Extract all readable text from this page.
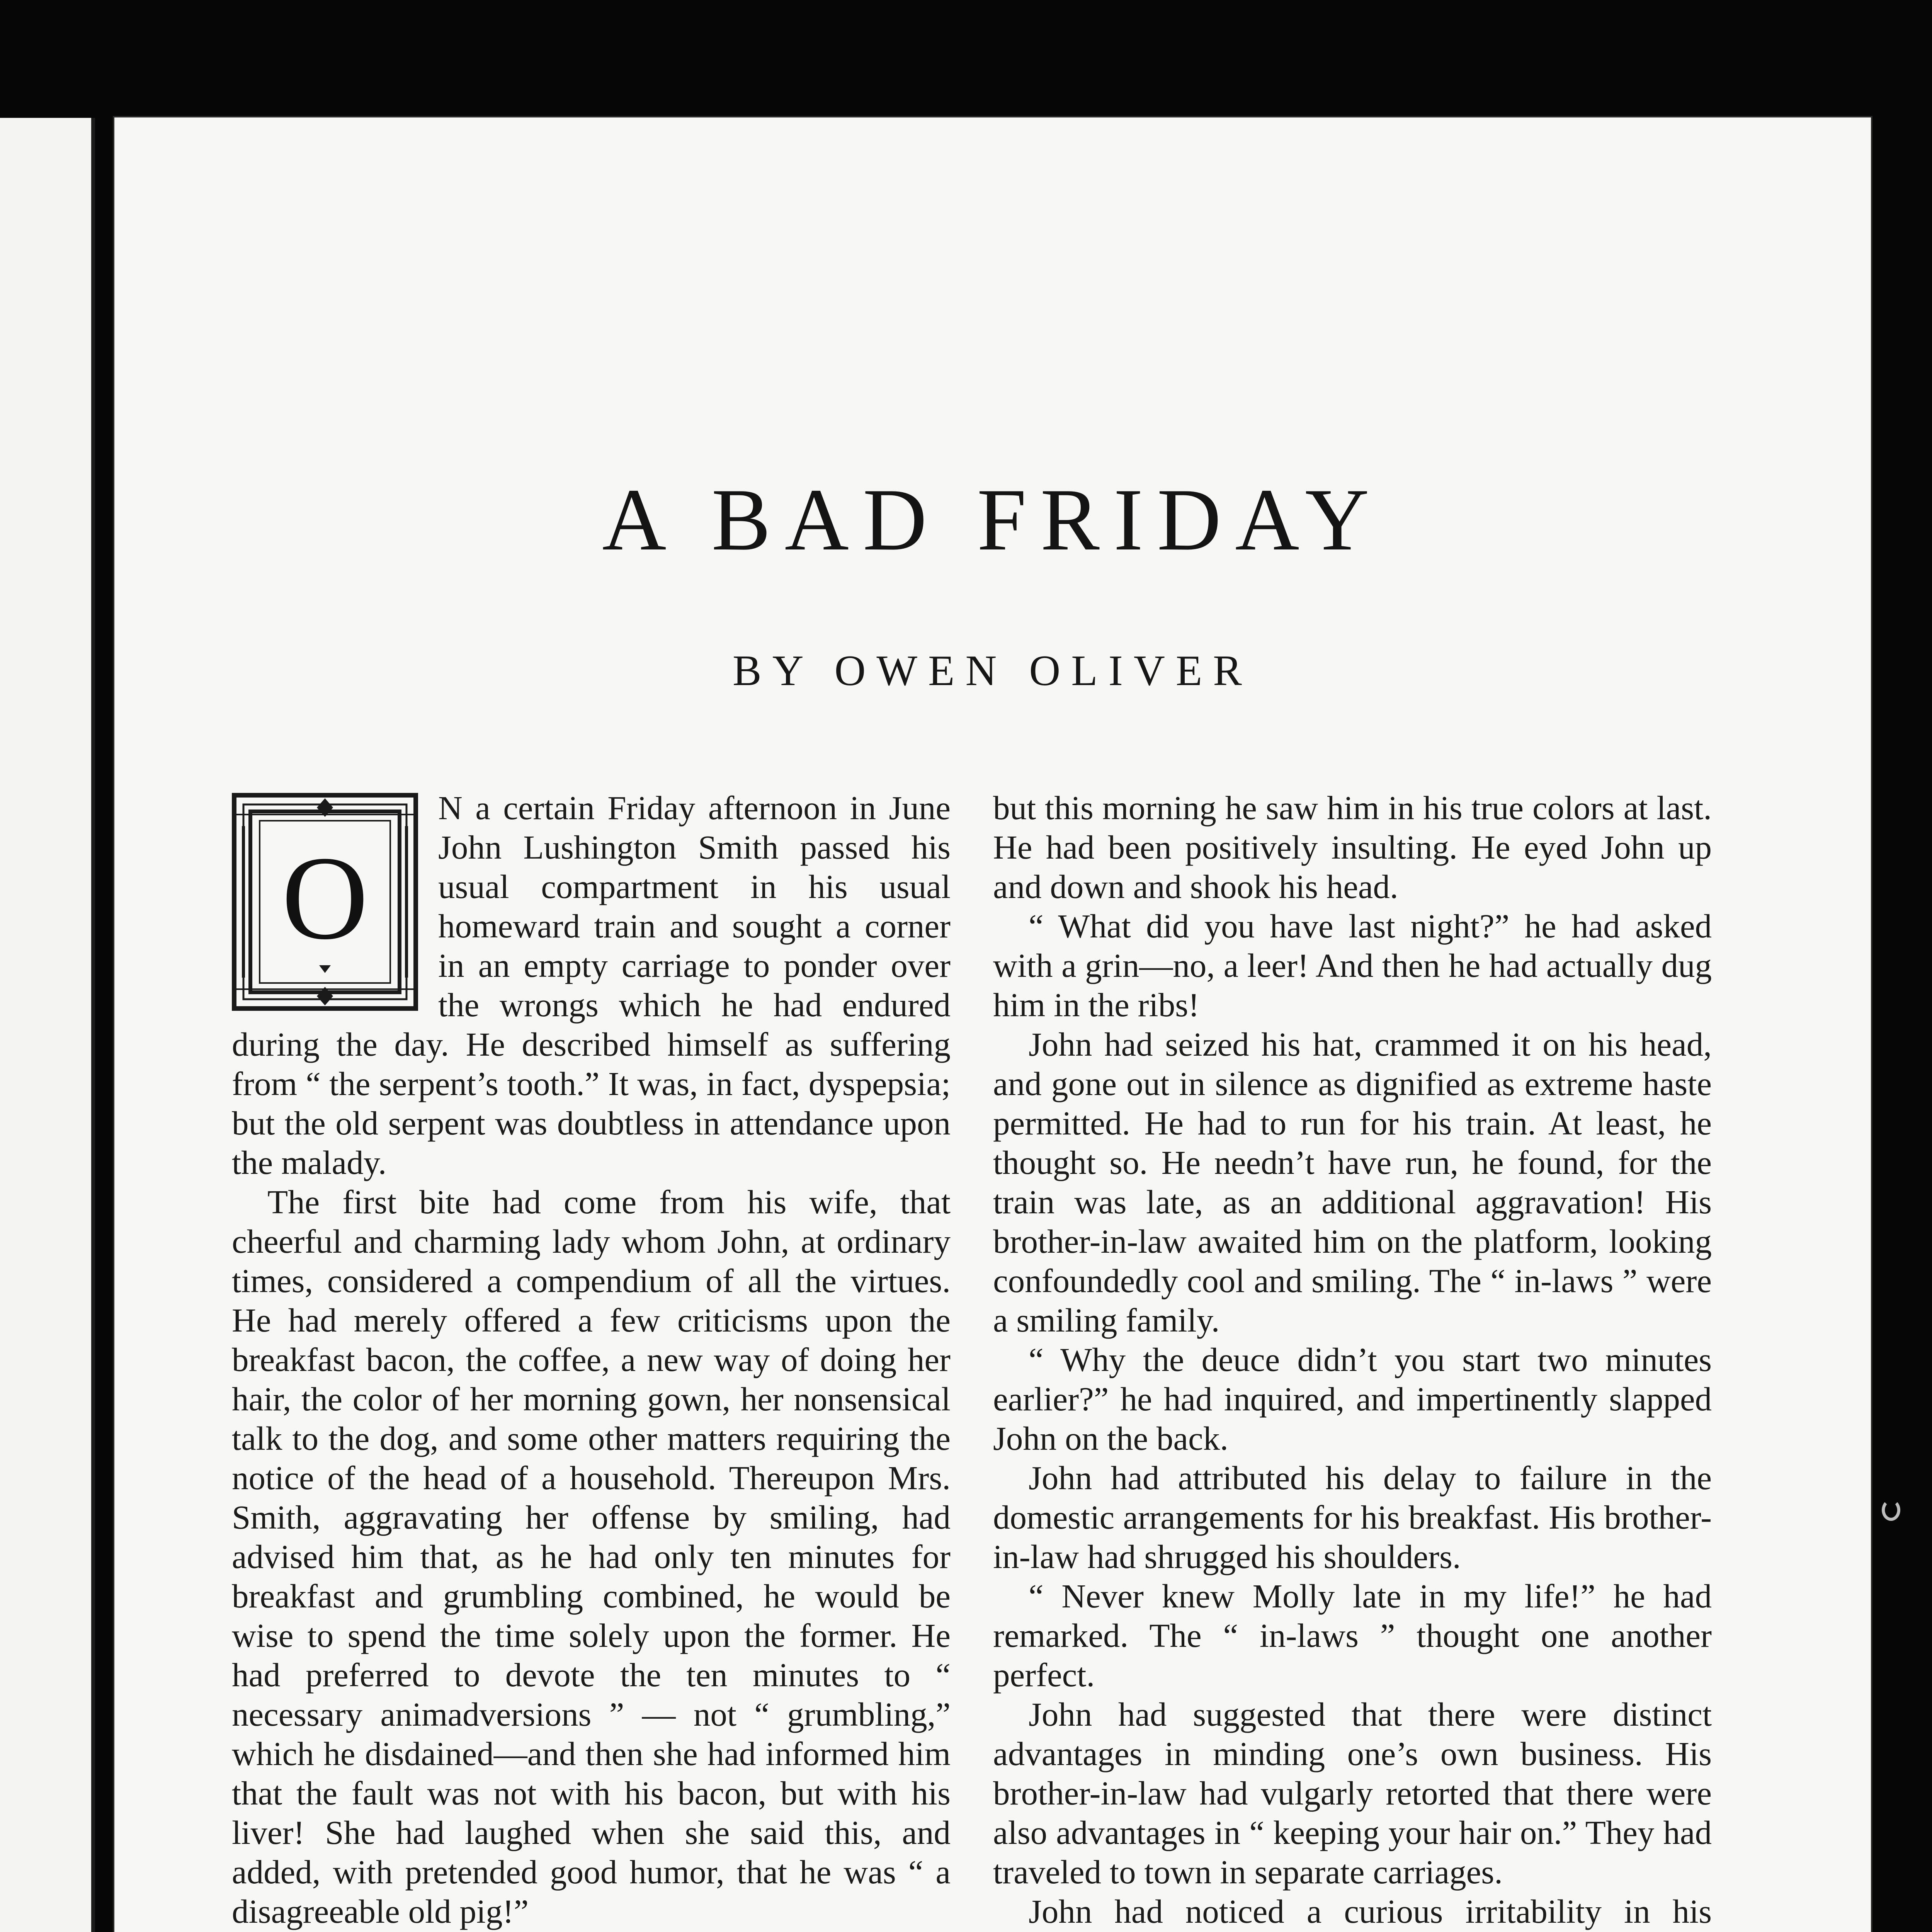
A BAD FRIDAY
BY OWEN OLIVER
O

N a certain Friday afternoon in June John Lushington Smith passed his usual compartment in his usual homeward train and sought a corner in an empty carriage to ponder over the wrongs which he had endured during the day. He described himself as suffering from “ the serpent’s tooth.” It was, in fact, dyspepsia; but the old serpent was doubtless in attendance upon the malady.

The first bite had come from his wife, that cheerful and charming lady whom John, at ordinary times, considered a compendium of all the virtues. He had merely offered a few criticisms upon the breakfast bacon, the coffee, a new way of doing her hair, the color of her morning gown, her nonsensical talk to the dog, and some other matters requiring the notice of the head of a household. Thereupon Mrs. Smith, aggravating her offense by smiling, had advised him that, as he had only ten minutes for breakfast and grumbling combined, he would be wise to spend the time solely upon the former. He had preferred to devote the ten minutes to “ necessary animadversions ” — not “ grumbling,” which he disdained—and then she had informed him that the fault was not with his bacon, but with his liver! She had laughed when she said this, and added, with pretended good humor, that he was “ a disagreeable old pig!”

but this morning he saw him in his true colors at last. He had been positively insulting. He eyed John up and down and shook his head.

“ What did you have last night?” he had asked with a grin—no, a leer! And then he had actually dug him in the ribs!

John had seized his hat, crammed it on his head, and gone out in silence as dignified as extreme haste permitted. He had to run for his train. At least, he thought so. He needn’t have run, he found, for the train was late, as an additional aggravation! His brother-in-law awaited him on the platform, looking confoundedly cool and smiling. The “ in-laws ” were a smiling family.

“ Why the deuce didn’t you start two minutes earlier?” he had inquired, and impertinently slapped John on the back.

John had attributed his delay to failure in the domestic arrangements for his breakfast. His brother-in-law had shrugged his shoulders.

“ Never knew Molly late in my life!” he had remarked. The “ in-laws ” thought one another perfect.

John had suggested that there were distinct advantages in minding one’s own business. His brother-in-law had vulgarly retorted that there were also advantages in “ keeping your hair on.” They had traveled to town in separate carriages.

John had noticed a curious irritability in his
